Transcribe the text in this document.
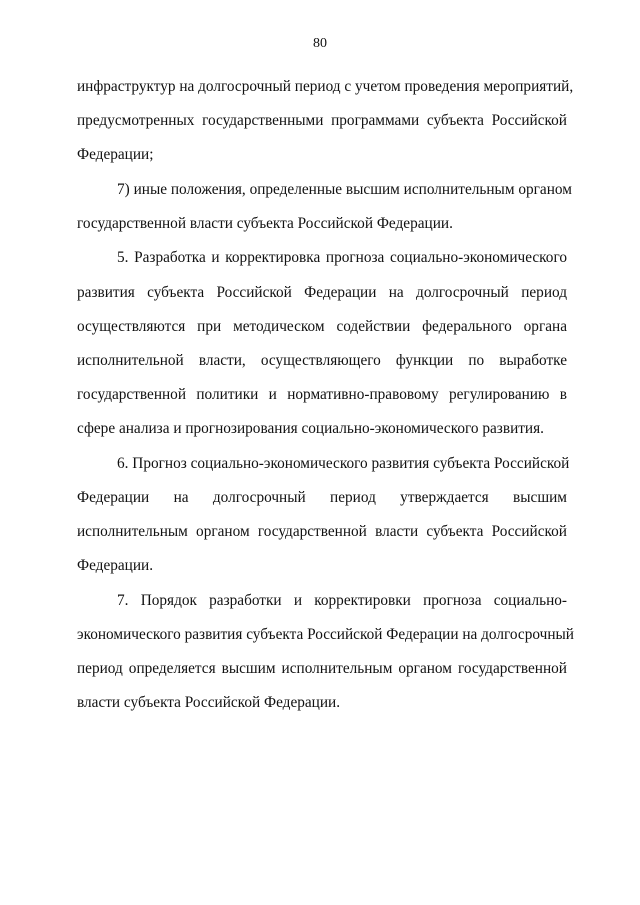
80
инфраструктур на долгосрочный период с учетом проведения мероприятий,
предусмотренных государственными программами субъекта Российской
Федерации;
7) иные положения, определенные высшим исполнительным органом
государственной власти субъекта Российской Федерации.
5. Разработка и корректировка прогноза социально-экономического
развития субъекта Российской Федерации на долгосрочный период
осуществляются при методическом содействии федерального органа
исполнительной власти, осуществляющего функции по выработке
государственной политики и нормативно-правовому регулированию в
сфере анализа и прогнозирования социально-экономического развития.
6. Прогноз социально-экономического развития субъекта Российской
Федерации на долгосрочный период утверждается высшим
исполнительным органом государственной власти субъекта Российской
Федерации.
7. Порядок разработки и корректировки прогноза социально-
экономического развития субъекта Российской Федерации на долгосрочный
период определяется высшим исполнительным органом государственной
власти субъекта Российской Федерации.
